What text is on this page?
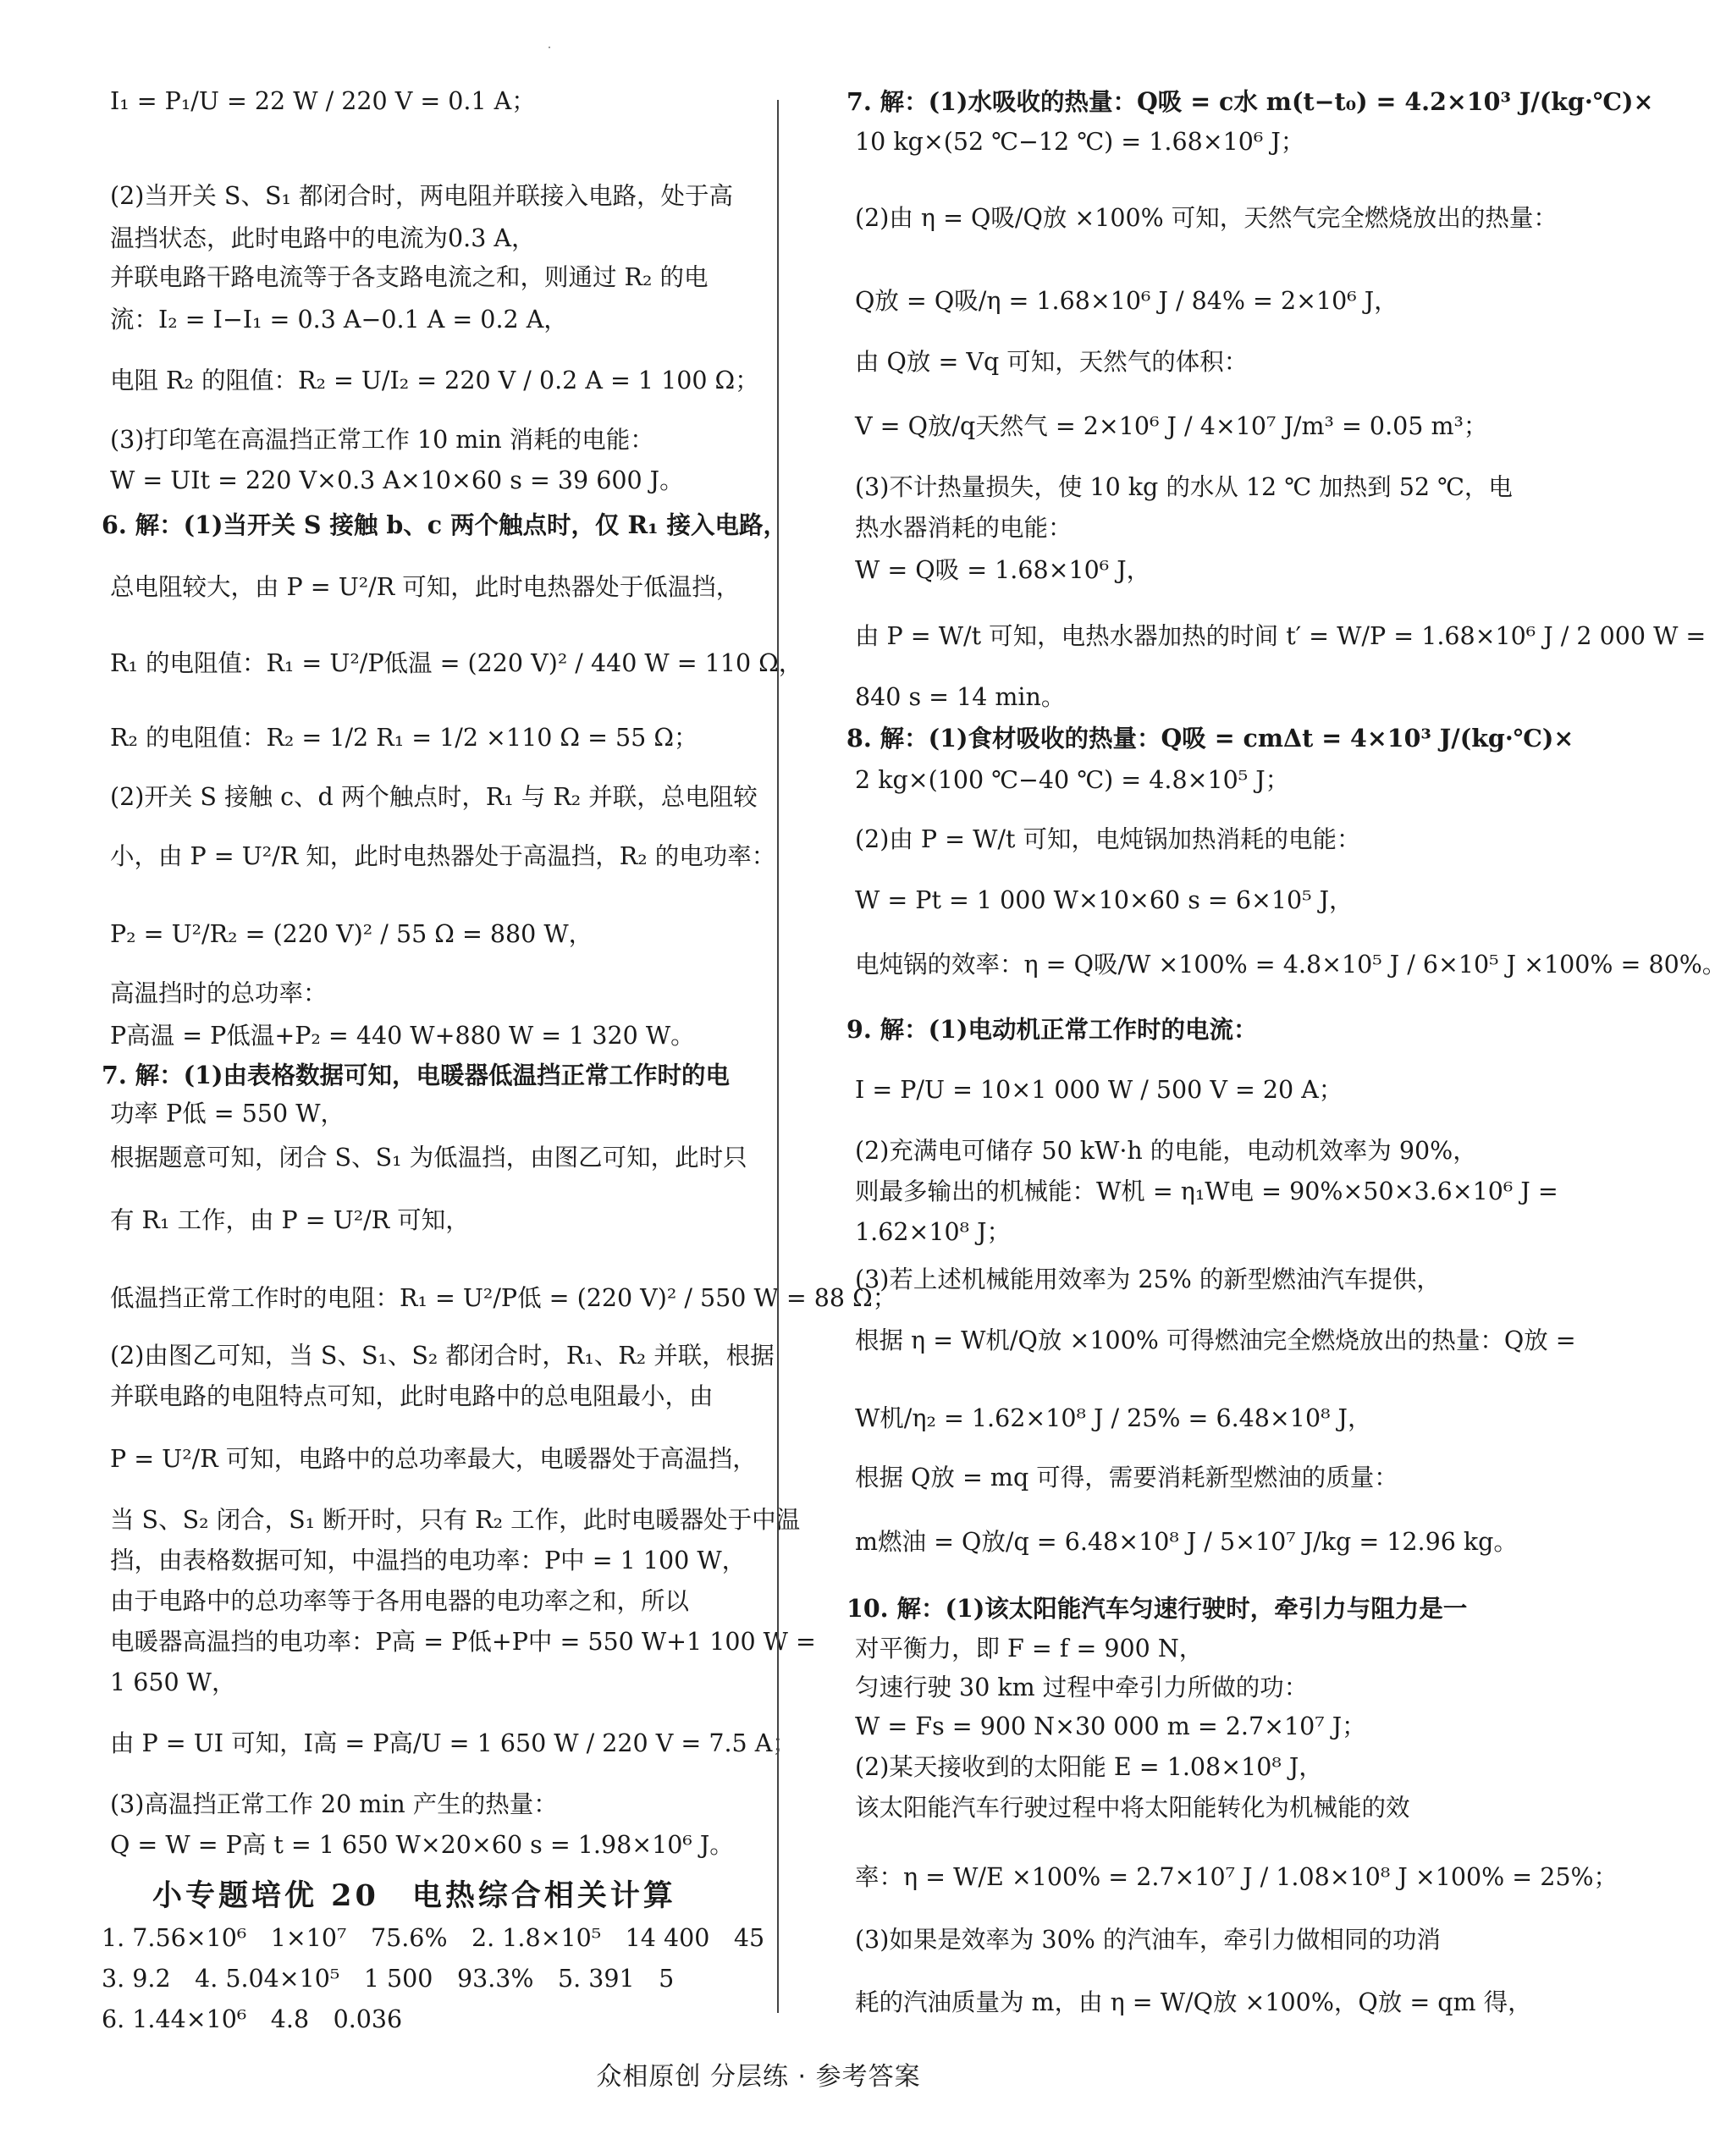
I₁ = P₁/U = 22 W / 220 V = 0.1 A；
(2)当开关 S、S₁ 都闭合时，两电阻并联接入电路，处于高
温挡状态，此时电路中的电流为0.3 A，
并联电路干路电流等于各支路电流之和，则通过 R₂ 的电
流：I₂ = I−I₁ = 0.3 A−0.1 A = 0.2 A，
电阻 R₂ 的阻值：R₂ = U/I₂ = 220 V / 0.2 A = 1 100 Ω；
(3)打印笔在高温挡正常工作 10 min 消耗的电能：
W = UIt = 220 V×0.3 A×10×60 s = 39 600 J。
6. 解：(1)当开关 S 接触 b、c 两个触点时，仅 R₁ 接入电路，
总电阻较大，由 P = U²/R 可知，此时电热器处于低温挡，
R₁ 的电阻值：R₁ = U²/P低温 = (220 V)² / 440 W = 110 Ω，
R₂ 的电阻值：R₂ = 1/2 R₁ = 1/2 ×110 Ω = 55 Ω；
(2)开关 S 接触 c、d 两个触点时，R₁ 与 R₂ 并联，总电阻较
小，由 P = U²/R 知，此时电热器处于高温挡，R₂ 的电功率：
P₂ = U²/R₂ = (220 V)² / 55 Ω = 880 W，
高温挡时的总功率：
P高温 = P低温+P₂ = 440 W+880 W = 1 320 W。
7. 解：(1)由表格数据可知，电暖器低温挡正常工作时的电
功率 P低 = 550 W，
根据题意可知，闭合 S、S₁ 为低温挡，由图乙可知，此时只
有 R₁ 工作，由 P = U²/R 可知，
低温挡正常工作时的电阻：R₁ = U²/P低 = (220 V)² / 550 W = 88 Ω；
(2)由图乙可知，当 S、S₁、S₂ 都闭合时，R₁、R₂ 并联，根据
并联电路的电阻特点可知，此时电路中的总电阻最小，由
P = U²/R 可知，电路中的总功率最大，电暖器处于高温挡，
当 S、S₂ 闭合，S₁ 断开时，只有 R₂ 工作，此时电暖器处于中温
挡，由表格数据可知，中温挡的电功率：P中 = 1 100 W，
由于电路中的总功率等于各用电器的电功率之和，所以
电暖器高温挡的电功率：P高 = P低+P中 = 550 W+1 100 W =
1 650 W，
由 P = UI 可知，I高 = P高/U = 1 650 W / 220 V = 7.5 A；
(3)高温挡正常工作 20 min 产生的热量：
Q = W = P高 t = 1 650 W×20×60 s = 1.98×10⁶ J。
小专题培优 20　电热综合相关计算
1. 7.56×10⁶　1×10⁷　75.6%　2. 1.8×10⁵　14 400　45
3. 9.2　4. 5.04×10⁵　1 500　93.3%　5. 391　5
6. 1.44×10⁶　4.8　0.036
7. 解：(1)水吸收的热量：Q吸 = c水 m(t−t₀) = 4.2×10³ J/(kg·℃)×
10 kg×(52 ℃−12 ℃) = 1.68×10⁶ J；
(2)由 η = Q吸/Q放 ×100% 可知，天然气完全燃烧放出的热量：
Q放 = Q吸/η = 1.68×10⁶ J / 84% = 2×10⁶ J，
由 Q放 = Vq 可知，天然气的体积：
V = Q放/q天然气 = 2×10⁶ J / 4×10⁷ J/m³ = 0.05 m³；
(3)不计热量损失，使 10 kg 的水从 12 ℃ 加热到 52 ℃，电
热水器消耗的电能：
W = Q吸 = 1.68×10⁶ J，
由 P = W/t 可知，电热水器加热的时间 t′ = W/P = 1.68×10⁶ J / 2 000 W =
840 s = 14 min。
8. 解：(1)食材吸收的热量：Q吸 = cmΔt = 4×10³ J/(kg·℃)×
2 kg×(100 ℃−40 ℃) = 4.8×10⁵ J；
(2)由 P = W/t 可知，电炖锅加热消耗的电能：
W = Pt = 1 000 W×10×60 s = 6×10⁵ J，
电炖锅的效率：η = Q吸/W ×100% = 4.8×10⁵ J / 6×10⁵ J ×100% = 80%。
9. 解：(1)电动机正常工作时的电流：
I = P/U = 10×1 000 W / 500 V = 20 A；
(2)充满电可储存 50 kW·h 的电能，电动机效率为 90%，
则最多输出的机械能：W机 = η₁W电 = 90%×50×3.6×10⁶ J =
1.62×10⁸ J；
(3)若上述机械能用效率为 25% 的新型燃油汽车提供，
根据 η = W机/Q放 ×100% 可得燃油完全燃烧放出的热量：Q放 =
W机/η₂ = 1.62×10⁸ J / 25% = 6.48×10⁸ J，
根据 Q放 = mq 可得，需要消耗新型燃油的质量：
m燃油 = Q放/q = 6.48×10⁸ J / 5×10⁷ J/kg = 12.96 kg。
10. 解：(1)该太阳能汽车匀速行驶时，牵引力与阻力是一
对平衡力，即 F = f = 900 N，
匀速行驶 30 km 过程中牵引力所做的功：
W = Fs = 900 N×30 000 m = 2.7×10⁷ J；
(2)某天接收到的太阳能 E = 1.08×10⁸ J，
该太阳能汽车行驶过程中将太阳能转化为机械能的效
率：η = W/E ×100% = 2.7×10⁷ J / 1.08×10⁸ J ×100% = 25%；
(3)如果是效率为 30% 的汽油车，牵引力做相同的功消
耗的汽油质量为 m，由 η = W/Q放 ×100%，Q放 = qm 得，
众相原创 分层练 · 参考答案
